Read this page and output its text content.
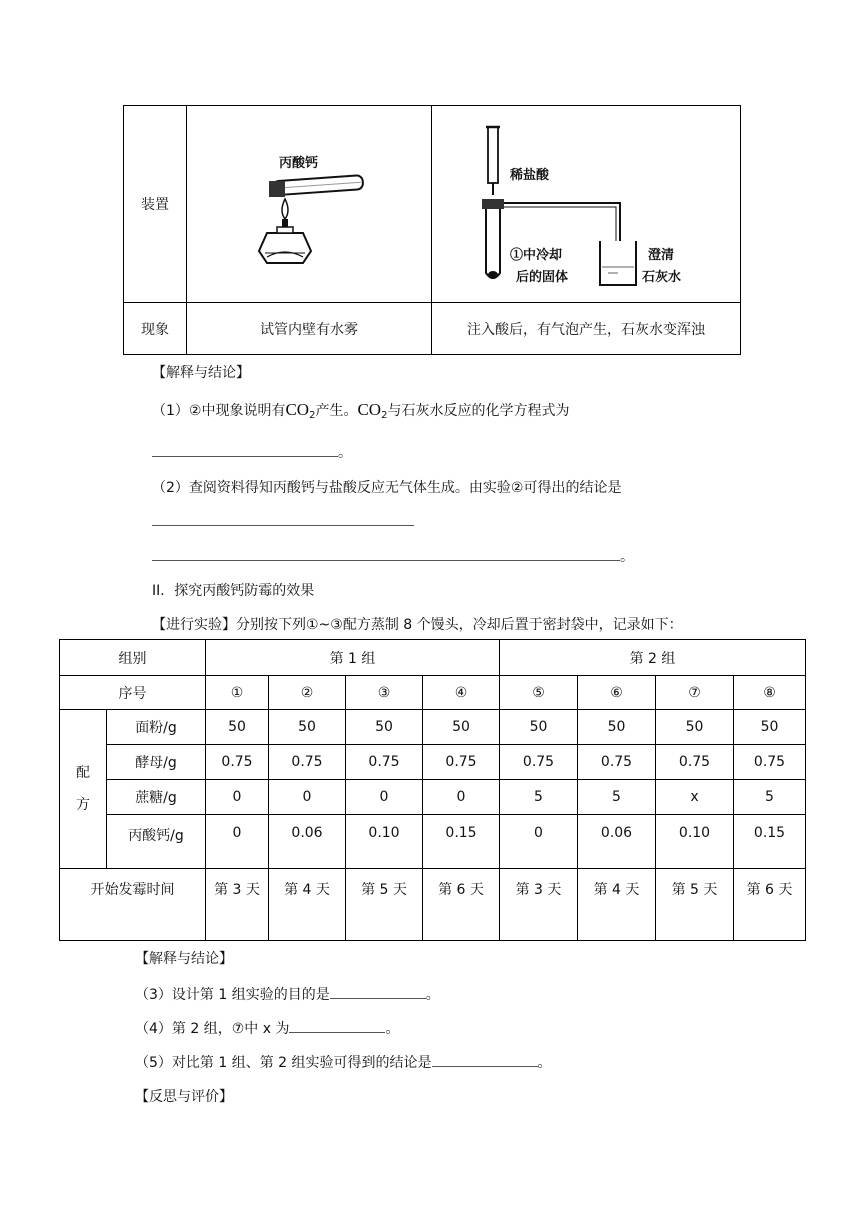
装置	丙酸钙	稀盐酸
①中冷却
后的固体
澄清
石灰水

现象	试管内壁有水雾	注入酸后，有气泡产生，石灰水变浑浊
【解释与结论】
（1）②中现象说明有$CO_2$产生。$CO_2$与石灰水反应的化学方程式为
。
（2）查阅资料得知丙酸钙与盐酸反应无气体生成。由实验②可得出的结论是
。
II．探究丙酸钙防霉的效果
【进行实验】分别按下列①~③配方蒸制 8 个馒头，冷却后置于密封袋中，记录如下：
组别		第 1 组				第 2 组			
序号		①	②	③	④	⑤	⑥	⑦	⑧
配
方	面粉/g	50	50	50	50	50	50	50	50
	酵母/g	0.75	0.75	0.75	0.75	0.75	0.75	0.75	0.75
	蔗糖/g	0	0	0	0	5	5	x	5
	丙酸钙/g	0	0.06	0.10	0.15	0	0.06	0.10	0.15
开始发霉时间		第 3 天	第 4 天	第 5 天	第 6 天	第 3 天	第 4 天	第 5 天	第 6 天
【解释与结论】
（3）设计第 1 组实验的目的是	。
（4）第 2 组，⑦中 x 为	。
（5）对比第 1 组、第 2 组实验可得到的结论是	。
【反思与评价】
